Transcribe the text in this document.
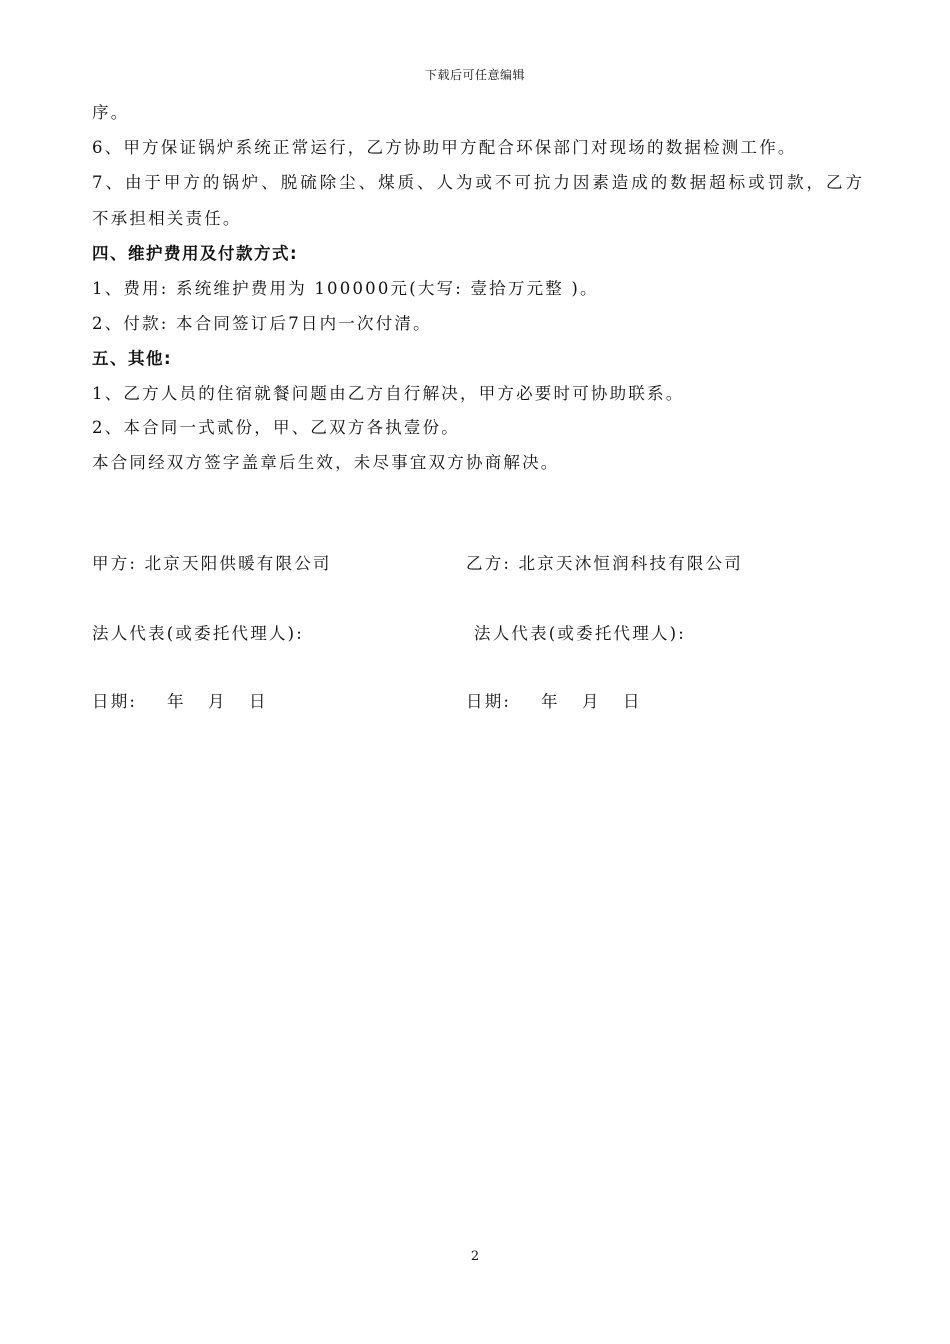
下载后可任意编辑
序。
6、甲方保证锅炉系统正常运行，乙方协助甲方配合环保部门对现场的数据检测工作。
7、由于甲方的锅炉、脱硫除尘、煤质、人为或不可抗力因素造成的数据超标或罚款，乙方
不承担相关责任。
四、维护费用及付款方式:
1、费用: 系统维护费用为 100000元(大写: 壹拾万元整 )。
2、付款: 本合同签订后7日内一次付清。
五、其他:
1、乙方人员的住宿就餐问题由乙方自行解决，甲方必要时可协助联系。
2、本合同一式贰份，甲、乙双方各执壹份。
本合同经双方签字盖章后生效，未尽事宜双方协商解决。
甲方: 北京天阳供暖有限公司	乙方: 北京天沐恒润科技有限公司
法人代表(或委托代理人):	法人代表(或委托代理人):
日期:    年   月   日	日期:    年   月   日
2
